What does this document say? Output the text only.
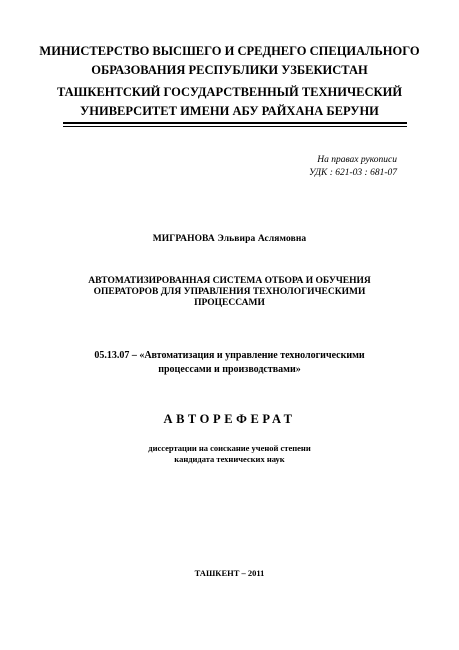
МИНИСТЕРСТВО ВЫСШЕГО И СРЕДНЕГО СПЕЦИАЛЬНОГО
ОБРАЗОВАНИЯ РЕСПУБЛИКИ УЗБЕКИСТАН
ТАШКЕНТСКИЙ ГОСУДАРСТВЕННЫЙ ТЕХНИЧЕСКИЙ
УНИВЕРСИТЕТ ИМЕНИ АБУ РАЙХАНА БЕРУНИ
На правах рукописи
УДК : 621-03 : 681-07
МИГРАНОВА Эльвира Аслямовна
АВТОМАТИЗИРОВАННАЯ СИСТЕМА ОТБОРА И ОБУЧЕНИЯ
ОПЕРАТОРОВ ДЛЯ УПРАВЛЕНИЯ ТЕХНОЛОГИЧЕСКИМИ
ПРОЦЕССАМИ
05.13.07 – «Автоматизация и управление технологическими
процессами и производствами»
АВТОРЕФЕРАТ
диссертации на соискание ученой степени
кандидата технических наук
ТАШКЕНТ – 2011
